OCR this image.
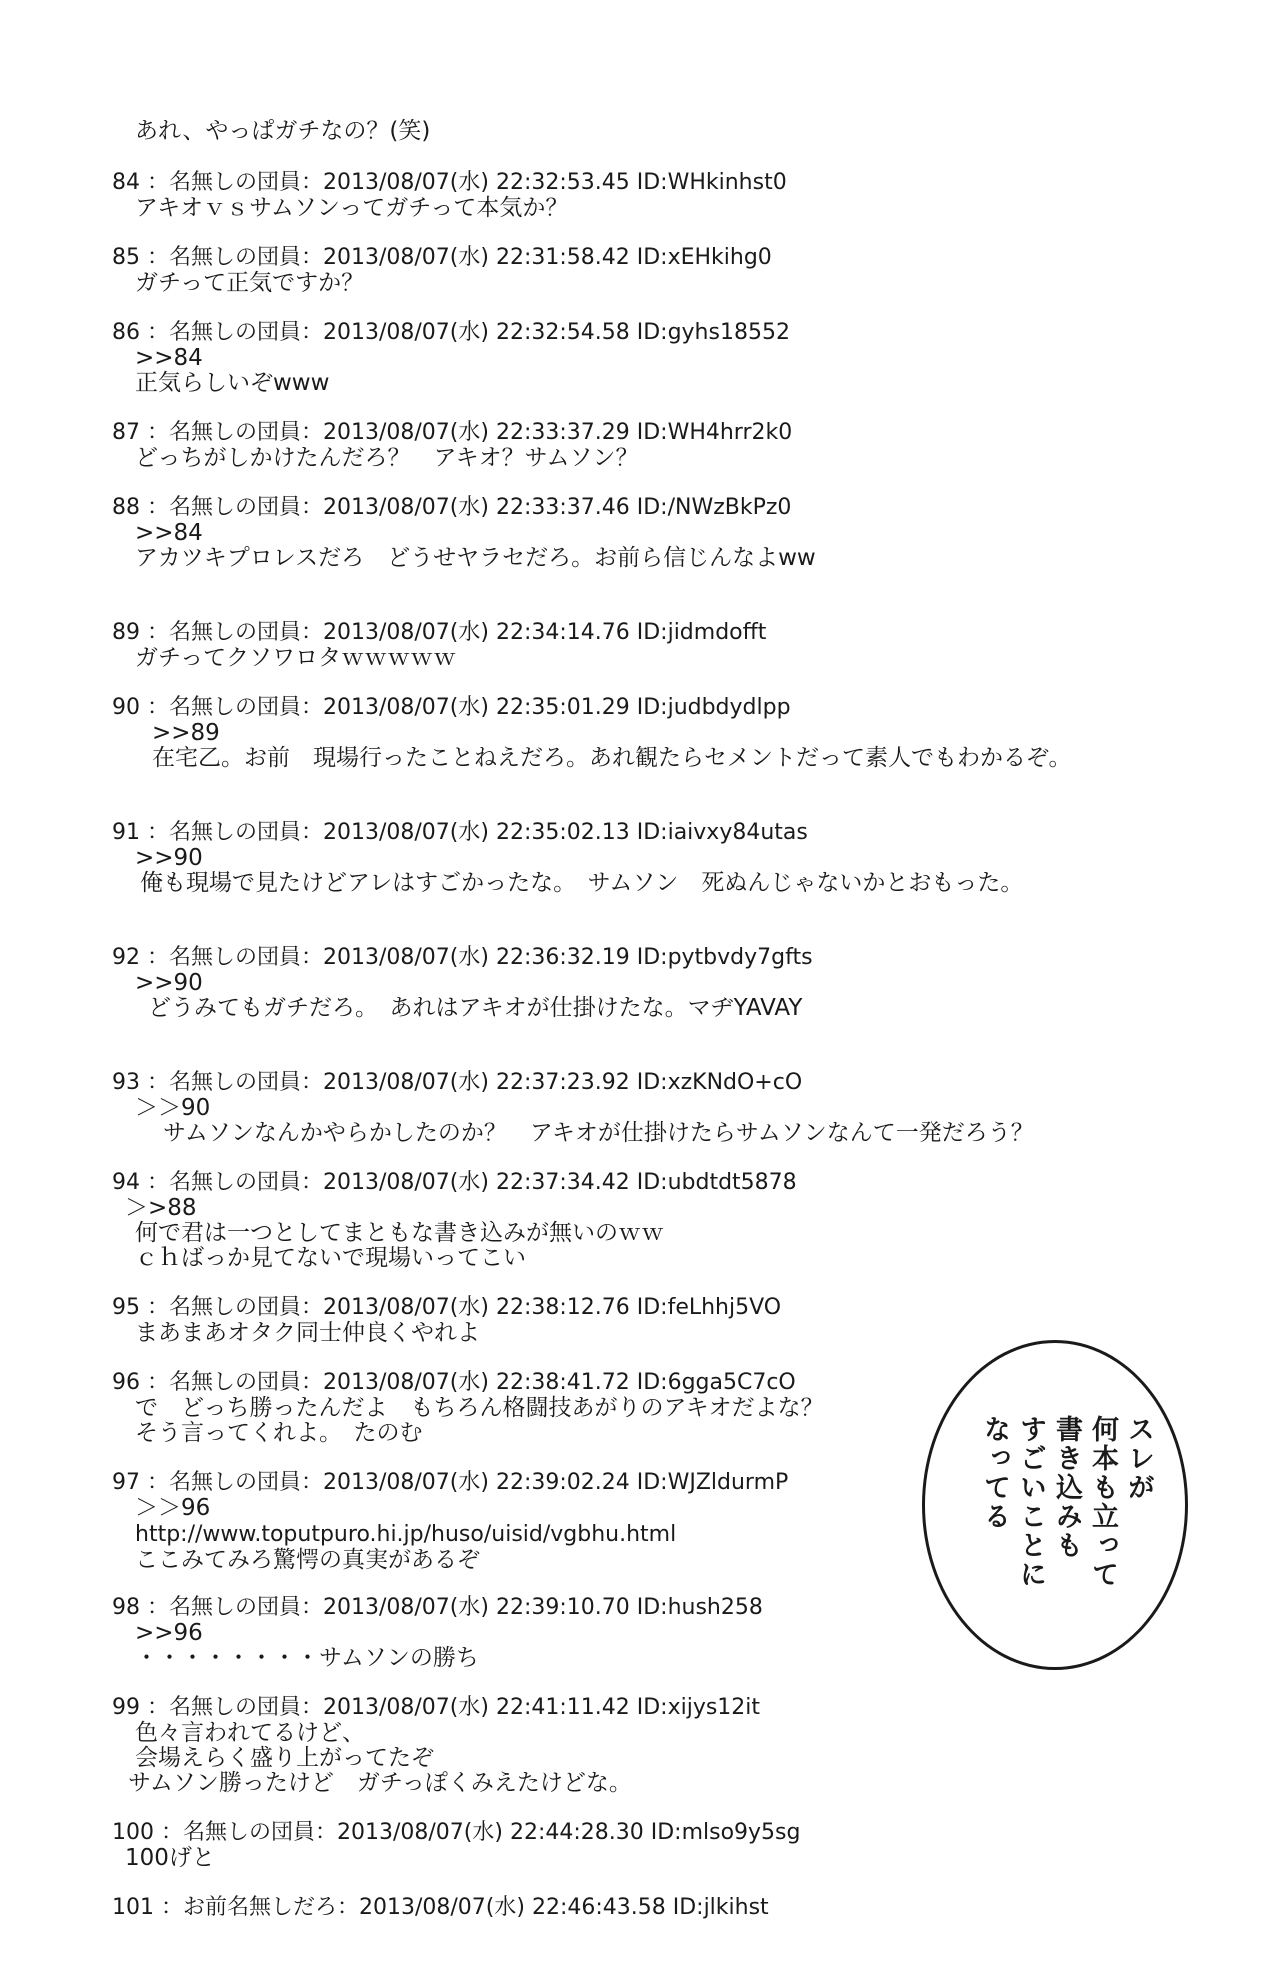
あれ、やっぱガチなの？(笑)
84 ：名無しの団員：2013/08/07(水) 22:32:53.45 ID:WHkinhst0
アキオｖｓサムソンってガチって本気か？
85 ：名無しの団員：2013/08/07(水) 22:31:58.42 ID:xEHkihg0
ガチって正気ですか？
86 ：名無しの団員：2013/08/07(水) 22:32:54.58 ID:gyhs18552
>>84
正気らしいぞwww
87 ：名無しの団員：2013/08/07(水) 22:33:37.29 ID:WH4hrr2k0
どっちがしかけたんだろ？　アキオ？サムソン？
88 ：名無しの団員：2013/08/07(水) 22:33:37.46 ID:/NWzBkPz0
>>84
アカツキプロレスだろ　どうせヤラセだろ。お前ら信じんなよww
89 ：名無しの団員：2013/08/07(水) 22:34:14.76 ID:jidmdofft
ガチってクソワロタｗｗｗｗｗ
90 ：名無しの団員：2013/08/07(水) 22:35:01.29 ID:judbdydlpp
>>89
在宅乙。お前　現場行ったことねえだろ。あれ観たらセメントだって素人でもわかるぞ。
91 ：名無しの団員：2013/08/07(水) 22:35:02.13 ID:iaivxy84utas
>>90
俺も現場で見たけどアレはすごかったな。　サムソン　死ぬんじゃないかとおもった。
92 ：名無しの団員：2013/08/07(水) 22:36:32.19 ID:pytbvdy7gfts
>>90
どうみてもガチだろ。　あれはアキオが仕掛けたな。マヂYAVAY
93 ：名無しの団員：2013/08/07(水) 22:37:23.92 ID:xzKNdO+cO
＞＞90
サムソンなんかやらかしたのか？　アキオが仕掛けたらサムソンなんて一発だろう？
94 ：名無しの団員：2013/08/07(水) 22:37:34.42 ID:ubdtdt5878
＞>88
何で君は一つとしてまともな書き込みが無いのｗｗ
ｃｈばっか見てないで現場いってこい
95 ：名無しの団員：2013/08/07(水) 22:38:12.76 ID:feLhhj5VO
まあまあオタク同士仲良くやれよ
96 ：名無しの団員：2013/08/07(水) 22:38:41.72 ID:6gga5C7cO
で　どっち勝ったんだよ　もちろん格闘技あがりのアキオだよな？
そう言ってくれよ。　たのむ
97 ：名無しの団員：2013/08/07(水) 22:39:02.24 ID:WJZldurmP
＞＞96
http://www.toputpuro.hi.jp/huso/uisid/vgbhu.html
ここみてみろ驚愕の真実があるぞ
98 ：名無しの団員：2013/08/07(水) 22:39:10.70 ID:hush258
>>96
・・・・・・・・サムソンの勝ち
99 ：名無しの団員：2013/08/07(水) 22:41:11.42 ID:xijys12it
色々言われてるけど、
会場えらく盛り上がってたぞ
サムソン勝ったけど　ガチっぽくみえたけどな。
100 ：名無しの団員：2013/08/07(水) 22:44:28.30 ID:mlso9y5sg
100げと
101 ：お前名無しだろ：2013/08/07(水) 22:46:43.58 ID:jlkihst
スレが
何本も立って
書き込みも
すごいことに
なってる
